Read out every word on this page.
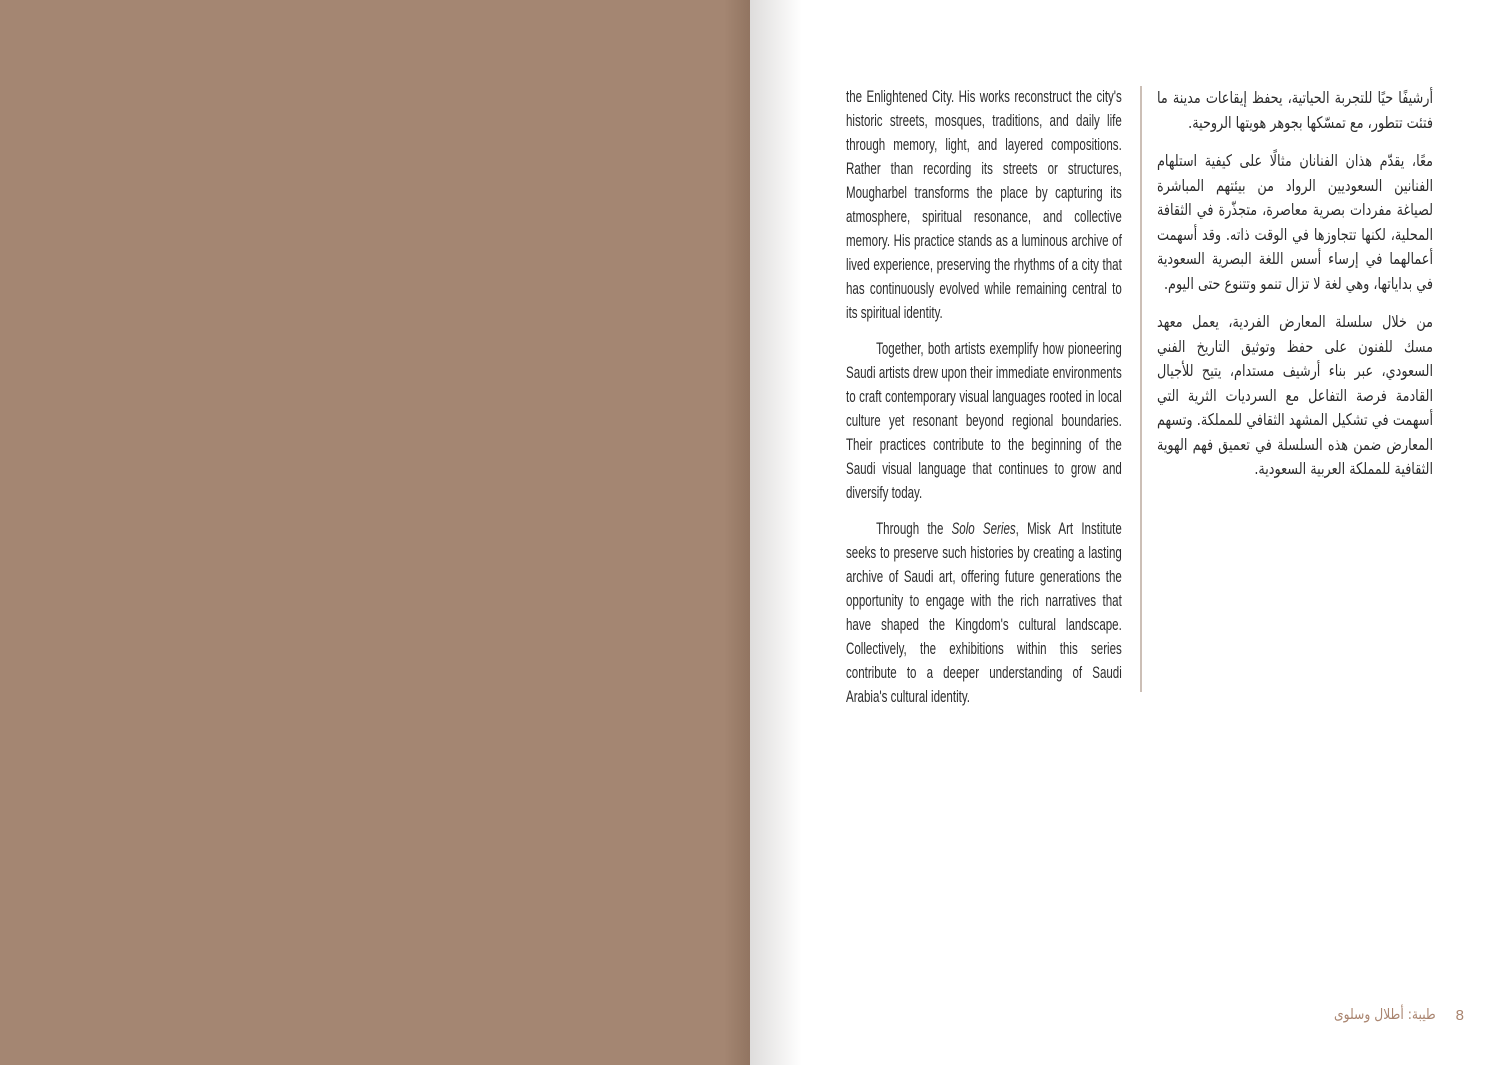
the Enlightened City. His works reconstruct the city's historic streets, mosques, traditions, and daily life through memory, light, and layered compositions. Rather than recording its streets or structures, Mougharbel transforms the place by capturing its atmosphere, spiritual resonance, and collective memory. His practice stands as a luminous archive of lived experience, preserving the rhythms of a city that has continuously evolved while remaining central to its spiritual identity.

Together, both artists exemplify how pioneering Saudi artists drew upon their immediate environments to craft contemporary visual languages rooted in local culture yet resonant beyond regional boundaries. Their practices contribute to the beginning of the Saudi visual language that continues to grow and diversify today.

Through the Solo Series, Misk Art Institute seeks to preserve such histories by creating a lasting archive of Saudi art, offering future generations the opportunity to engage with the rich narratives that have shaped the Kingdom's cultural landscape. Collectively, the exhibitions within this series contribute to a deeper understanding of Saudi Arabia's cultural identity.

أرشيفًا حيًا للتجربة الحياتية، يحفظ إيقاعات مدينة ما فتئت تتطور، مع تمسّكها بجوهر هويتها الروحية.

معًا، يقدّم هذان الفنانان مثالًا على كيفية استلهام الفنانين السعوديين الرواد من بيئتهم المباشرة لصياغة مفردات بصرية معاصرة، متجذّرة في الثقافة المحلية، لكنها تتجاوزها في الوقت ذاته. وقد أسهمت أعمالهما في إرساء أسس اللغة البصرية السعودية في بداياتها، وهي لغة لا تزال تنمو وتتنوع حتى اليوم.

من خلال سلسلة المعارض الفردية، يعمل معهد مسك للفنون على حفظ وتوثيق التاريخ الفني السعودي، عبر بناء أرشيف مستدام، يتيح للأجيال القادمة فرصة التفاعل مع السرديات الثرية التي أسهمت في تشكيل المشهد الثقافي للمملكة. وتسهم المعارض ضمن هذه السلسلة في تعميق فهم الهوية الثقافية للمملكة العربية السعودية.

8
طيبة: أطلال وسلوى
